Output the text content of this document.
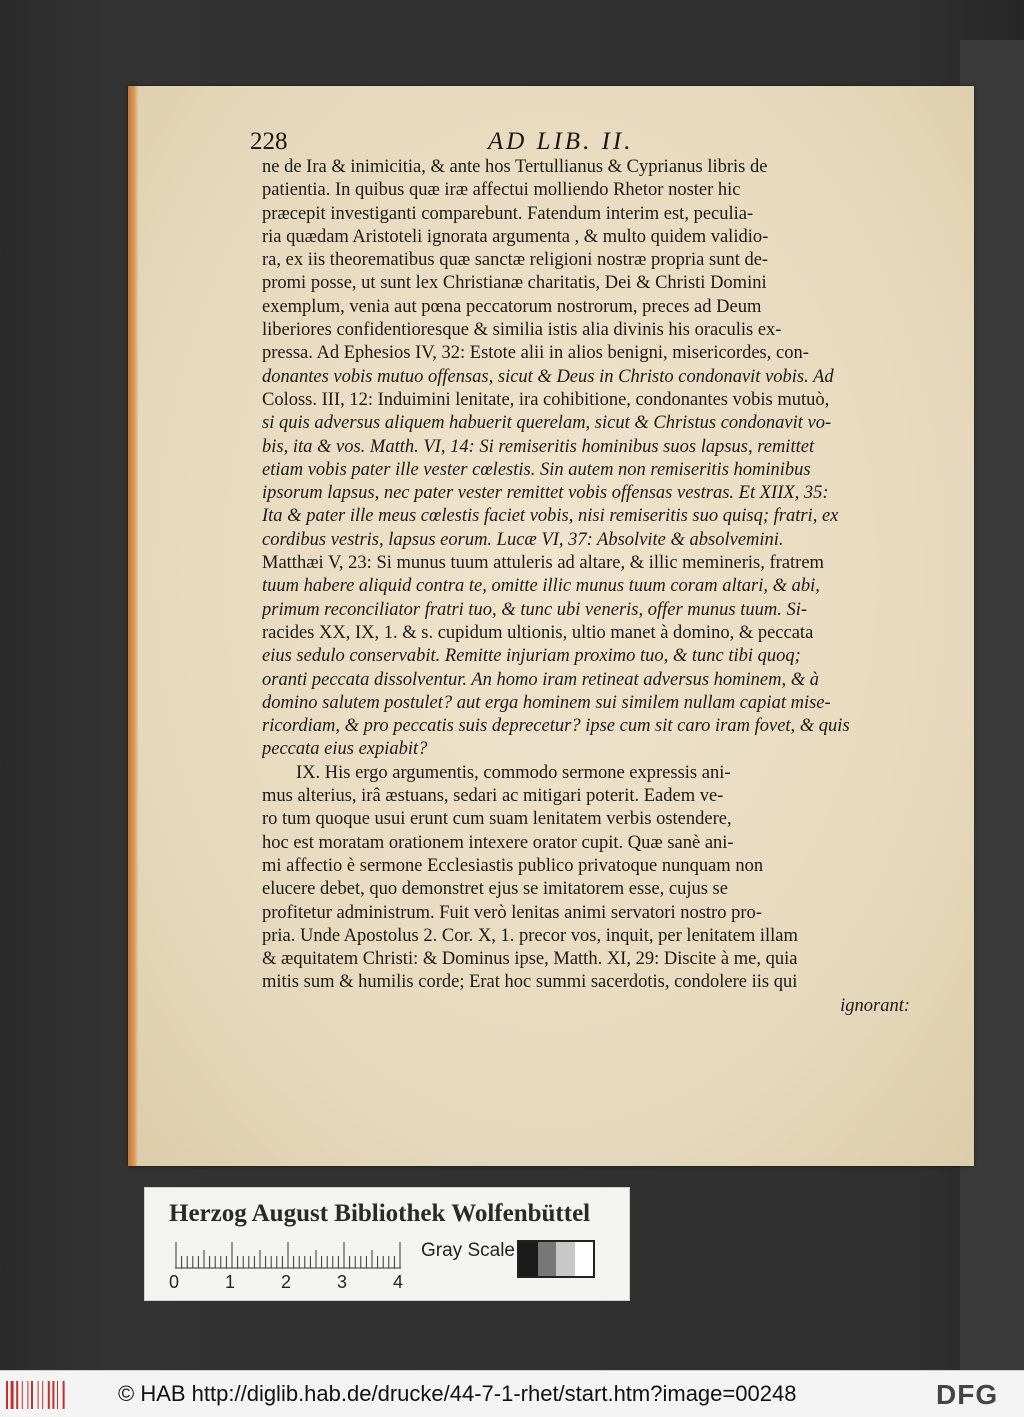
228	AD LIB. II.
ne de Ira & inimicitia, & ante hos Tertullianus & Cyprianus libris de
patientia. In quibus quæ iræ affectui molliendo Rhetor noster hic
præcepit investiganti comparebunt. Fatendum interim est, peculia-
ria quædam Aristoteli ignorata argumenta , & multo quidem validio-
ra, ex iis theorematibus quæ sanctæ religioni nostræ propria sunt de-
promi posse, ut sunt lex Christianæ charitatis, Dei & Christi Domini
exemplum, venia aut pœna peccatorum nostrorum, preces ad Deum
liberiores confidentioresque & similia istis alia divinis his oraculis ex-
pressa. Ad Ephesios IV, 32: Estote alii in alios benigni, misericordes, con-
donantes vobis mutuo offensas, sicut & Deus in Christo condonavit vobis. Ad
Coloss. III, 12: Induimini lenitate, ira cohibitione, condonantes vobis mutuò,
si quis adversus aliquem habuerit querelam, sicut & Christus condonavit vo-
bis, ita & vos. Matth. VI, 14: Si remiseritis hominibus suos lapsus, remittet
etiam vobis pater ille vester cœlestis. Sin autem non remiseritis hominibus
ipsorum lapsus, nec pater vester remittet vobis offensas vestras. Et XIIX, 35:
Ita & pater ille meus cœlestis faciet vobis, nisi remiseritis suo quisq; fratri, ex
cordibus vestris, lapsus eorum. Lucæ VI, 37: Absolvite & absolvemini.
Matthæi V, 23: Si munus tuum attuleris ad altare, & illic memineris, fratrem
tuum habere aliquid contra te, omitte illic munus tuum coram altari, & abi,
primum reconciliator fratri tuo, & tunc ubi veneris, offer munus tuum. Si-
racides XX, IX, 1. & s. cupidum ultionis, ultio manet à domino, & peccata
eius sedulo conservabit. Remitte injuriam proximo tuo, & tunc tibi quoq;
oranti peccata dissolventur. An homo iram retineat adversus hominem, & à
domino salutem postulet? aut erga hominem sui similem nullam capiat mise-
ricordiam, & pro peccatis suis deprecetur? ipse cum sit caro iram fovet, & quis
peccata eius expiabit?
IX. His ergo argumentis, commodo sermone expressis ani-
mus alterius, irâ æstuans, sedari ac mitigari poterit. Eadem ve-
ro tum quoque usui erunt cum suam lenitatem verbis ostendere,
hoc est moratam orationem intexere orator cupit. Quæ sanè ani-
mi affectio è sermone Ecclesiastis publico privatoque nunquam non
elucere debet, quo demonstret ejus se imitatorem esse, cujus se
profitetur administrum. Fuit verò lenitas animi servatori nostro pro-
pria. Unde Apostolus 2. Cor. X, 1. precor vos, inquit, per lenitatem illam
& æquitatem Christi: & Dominus ipse, Matth. XI, 29: Discite à me, quia
mitis sum & humilis corde; Erat hoc summi sacerdotis, condolere iis qui
ignorant:
Herzog August Bibliothek Wolfenbüttel
0	1	2	3	4
Gray Scale
© HAB http://diglib.hab.de/drucke/44-7-1-rhet/start.htm?image=00248	DFG
